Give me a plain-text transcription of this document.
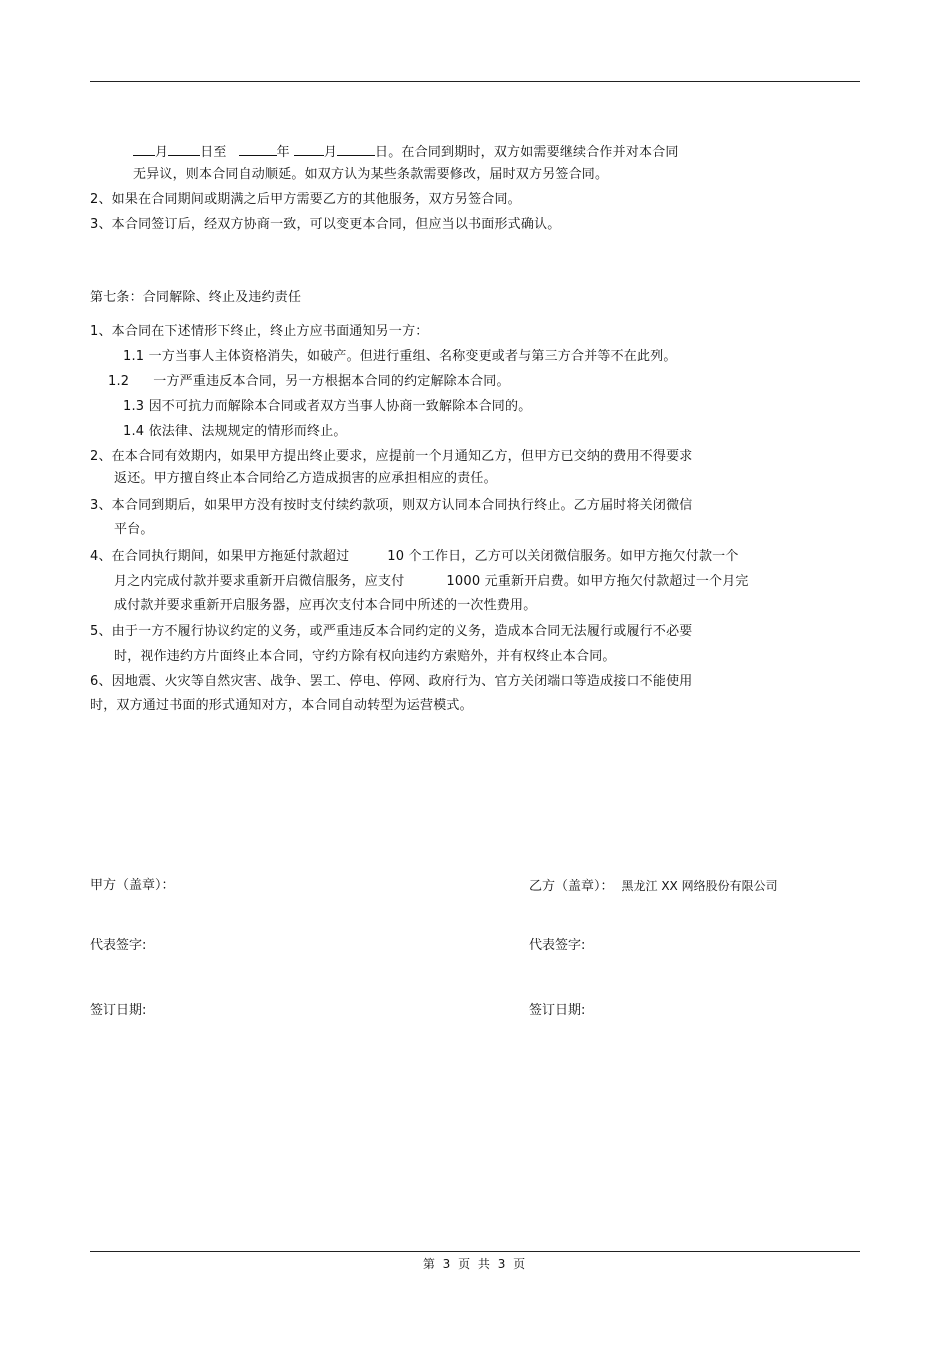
月 日至	年	月	日。在合同到期时，双方如需要继续合作并对本合同
无异议，则本合同自动顺延。如双方认为某些条款需要修改，届时双方另签合同。
2、如果在合同期间或期满之后甲方需要乙方的其他服务，双方另签合同。
3、本合同签订后，经双方协商一致，可以变更本合同，但应当以书面形式确认。
第七条：合同解除、终止及违约责任
1、本合同在下述情形下终止，终止方应书面通知另一方：
1.1 一方当事人主体资格消失，如破产。但进行重组、名称变更或者与第三方合并等不在此列。
1.2 一方严重违反本合同，另一方根据本合同的约定解除本合同。
1.3 因不可抗力而解除本合同或者双方当事人协商一致解除本合同的。
1.4 依法律、法规规定的情形而终止。
2、在本合同有效期内，如果甲方提出终止要求，应提前一个月通知乙方，但甲方已交纳的费用不得要求
返还。甲方擅自终止本合同给乙方造成损害的应承担相应的责任。
3、本合同到期后，如果甲方没有按时支付续约款项，则双方认同本合同执行终止。乙方届时将关闭微信
平台。
4、在合同执行期间，如果甲方拖延付款超过	10 个工作日，乙方可以关闭微信服务。如甲方拖欠付款一个
月之内完成付款并要求重新开启微信服务，应支付	1000 元重新开启费。如甲方拖欠付款超过一个月完
成付款并要求重新开启服务器，应再次支付本合同中所述的一次性费用。
5、由于一方不履行协议约定的义务，或严重违反本合同约定的义务，造成本合同无法履行或履行不必要
时，视作违约方片面终止本合同，守约方除有权向违约方索赔外，并有权终止本合同。
6、因地震、火灾等自然灾害、战争、罢工、停电、停网、政府行为、官方关闭端口等造成接口不能使用
时，双方通过书面的形式通知对方，本合同自动转型为运营模式。
甲方（盖章）：	乙方（盖章）： 黑龙江 XX 网络股份有限公司
代表签字:	代表签字:
签订日期:	签订日期:
第 3 页 共 3 页
